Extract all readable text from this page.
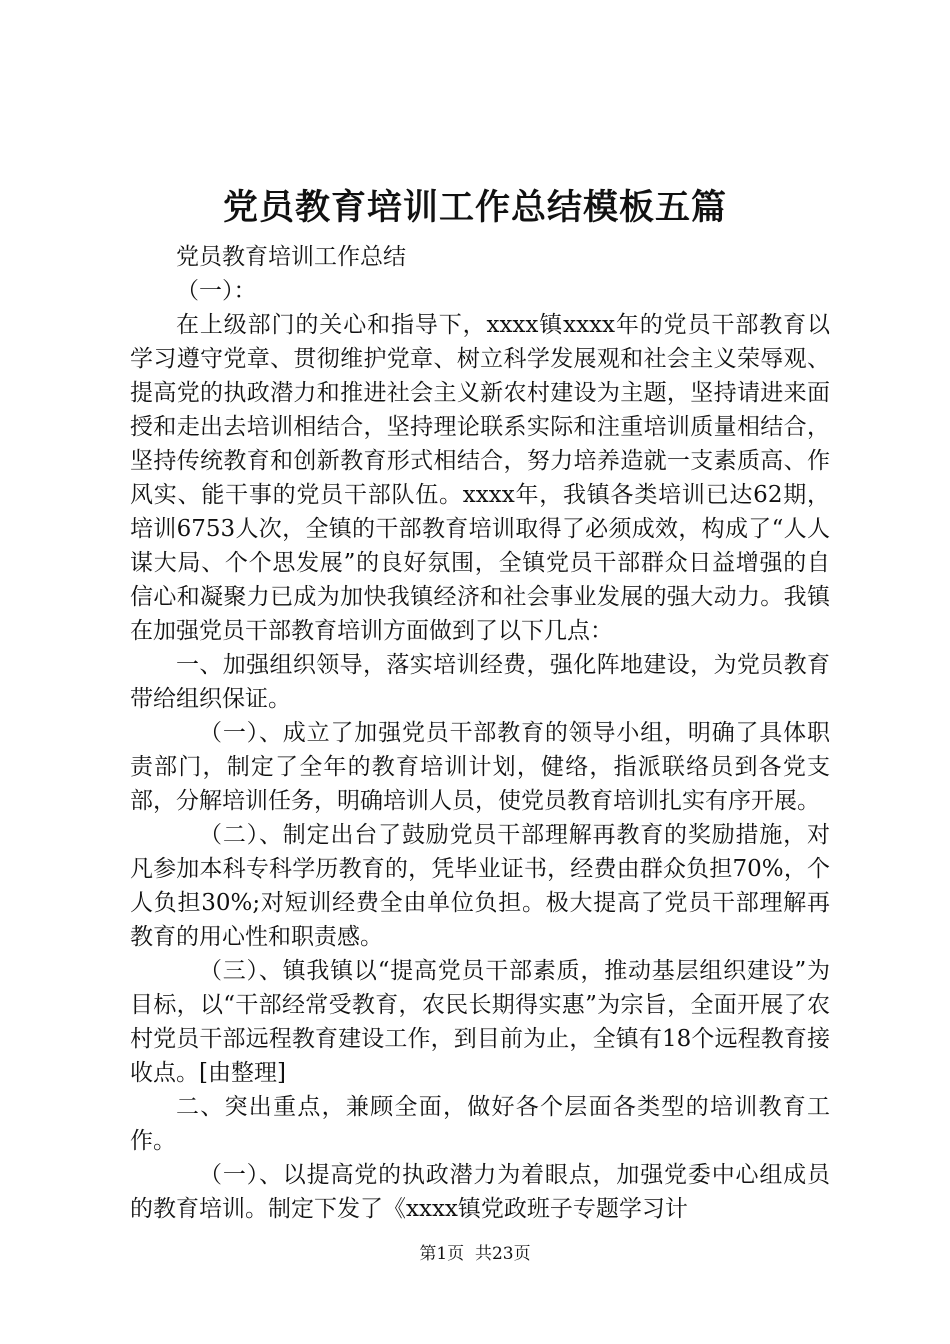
党员教育培训工作总结模板五篇

党员教育培训工作总结

（一）：

在上级部门的关心和指导下，xxxx镇xxxx年的党员干部教育以学习遵守党章、贯彻维护党章、树立科学发展观和社会主义荣辱观、提高党的执政潜力和推进社会主义新农村建设为主题，坚持请进来面授和走出去培训相结合，坚持理论联系实际和注重培训质量相结合，坚持传统教育和创新教育形式相结合，努力培养造就一支素质高、作风实、能干事的党员干部队伍。xxxx年，我镇各类培训已达62期，培训6753人次，全镇的干部教育培训取得了必须成效，构成了“人人谋大局、个个思发展”的良好氛围，全镇党员干部群众日益增强的自信心和凝聚力已成为加快我镇经济和社会事业发展的强大动力。我镇在加强党员干部教育培训方面做到了以下几点：

一、加强组织领导，落实培训经费，强化阵地建设，为党员教育带给组织保证。

（一）、成立了加强党员干部教育的领导小组，明确了具体职责部门，制定了全年的教育培训计划，健络，指派联络员到各党支部，分解培训任务，明确培训人员，使党员教育培训扎实有序开展。

（二）、制定出台了鼓励党员干部理解再教育的奖励措施，对凡参加本科专科学历教育的，凭毕业证书，经费由群众负担70%，个人负担30%;对短训经费全由单位负担。极大提高了党员干部理解再教育的用心性和职责感。

（三）、镇我镇以“提高党员干部素质，推动基层组织建设”为目标，以“干部经常受教育，农民长期得实惠”为宗旨，全面开展了农村党员干部远程教育建设工作，到目前为止，全镇有18个远程教育接收点。[由整理]

二、突出重点，兼顾全面，做好各个层面各类型的培训教育工作。

（一）、以提高党的执政潜力为着眼点，加强党委中心组成员的教育培训。制定下发了《xxxx镇党政班子专题学习计

第1页  共23页
